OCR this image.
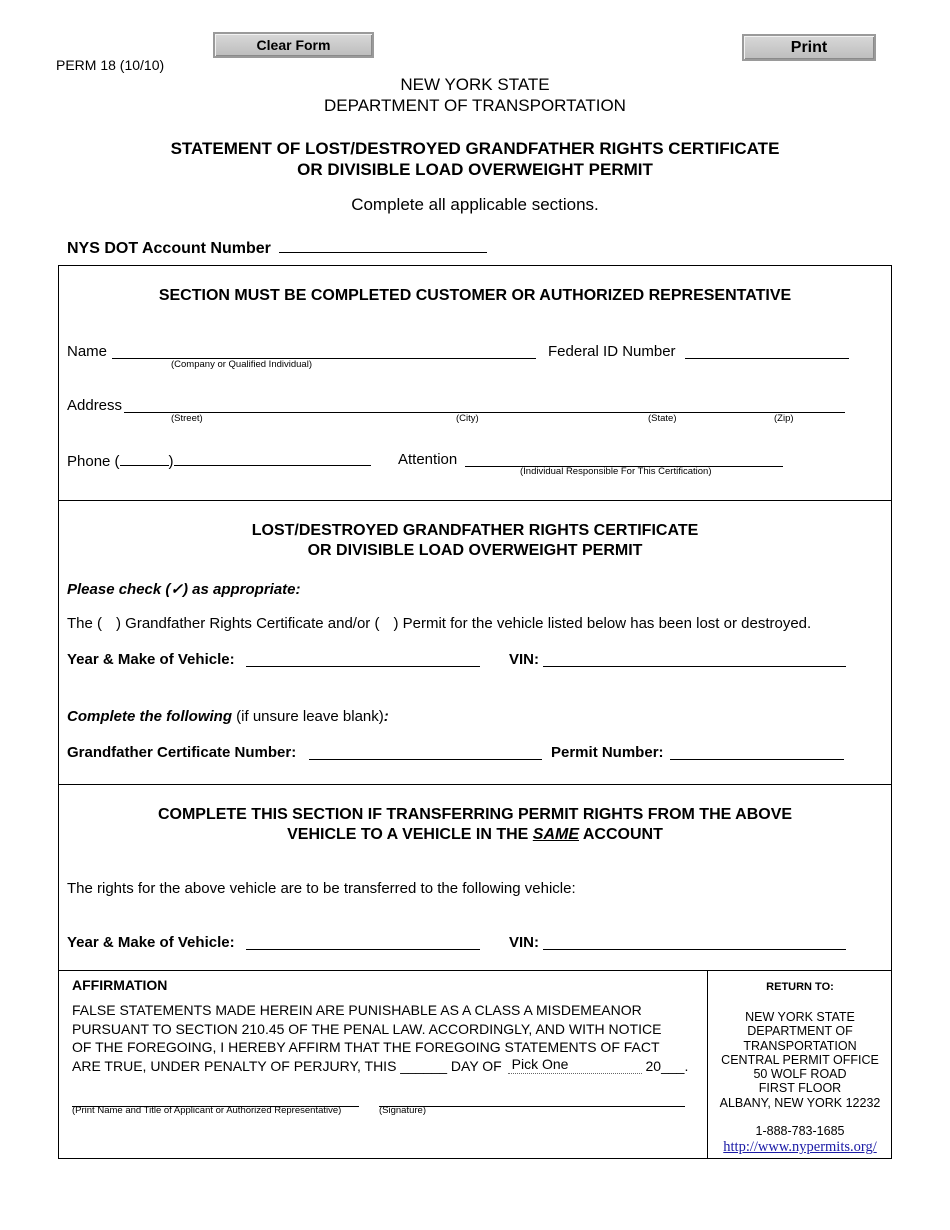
Clear Form	Print
PERM 18 (10/10)
NEW YORK STATE
DEPARTMENT OF TRANSPORTATION
STATEMENT OF LOST/DESTROYED GRANDFATHER RIGHTS CERTIFICATE
OR DIVISIBLE LOAD OVERWEIGHT PERMIT
Complete all applicable sections.
NYS DOT Account Number
SECTION MUST BE COMPLETED CUSTOMER OR AUTHORIZED REPRESENTATIVE
Name
(Company or Qualified Individual)
Federal ID Number
Address
(Street)	(City)	(State)	(Zip)
Phone (	)	Attention
(Individual Responsible For This Certification)
LOST/DESTROYED GRANDFATHER RIGHTS CERTIFICATE
OR DIVISIBLE LOAD OVERWEIGHT PERMIT
Please check (✓) as appropriate:
The ( ) Grandfather Rights Certificate and/or ( ) Permit for the vehicle listed below has been lost or destroyed.
Year & Make of Vehicle:	VIN:
Complete the following (if unsure leave blank):
Grandfather Certificate Number:	Permit Number:
COMPLETE THIS SECTION IF TRANSFERRING PERMIT RIGHTS FROM THE ABOVE
VEHICLE TO A VEHICLE IN THE SAME ACCOUNT
The rights for the above vehicle are to be transferred to the following vehicle:
Year & Make of Vehicle:	VIN:
AFFIRMATION
FALSE STATEMENTS MADE HEREIN ARE PUNISHABLE AS A CLASS A MISDEMEANOR
PURSUANT TO SECTION 210.45 OF THE PENAL LAW. ACCORDINGLY, AND WITH NOTICE
OF THE FOREGOING, I HEREBY AFFIRM THAT THE FOREGOING STATEMENTS OF FACT
ARE TRUE, UNDER PENALTY OF PERJURY, THIS ______ DAY OF Pick One	20___.
(Print Name and Title of Applicant or Authorized Representative)	(Signature)
RETURN TO:
NEW YORK STATE
DEPARTMENT OF
TRANSPORTATION
CENTRAL PERMIT OFFICE
50 WOLF ROAD
FIRST FLOOR
ALBANY, NEW YORK 12232
1-888-783-1685
http://www.nypermits.org/
